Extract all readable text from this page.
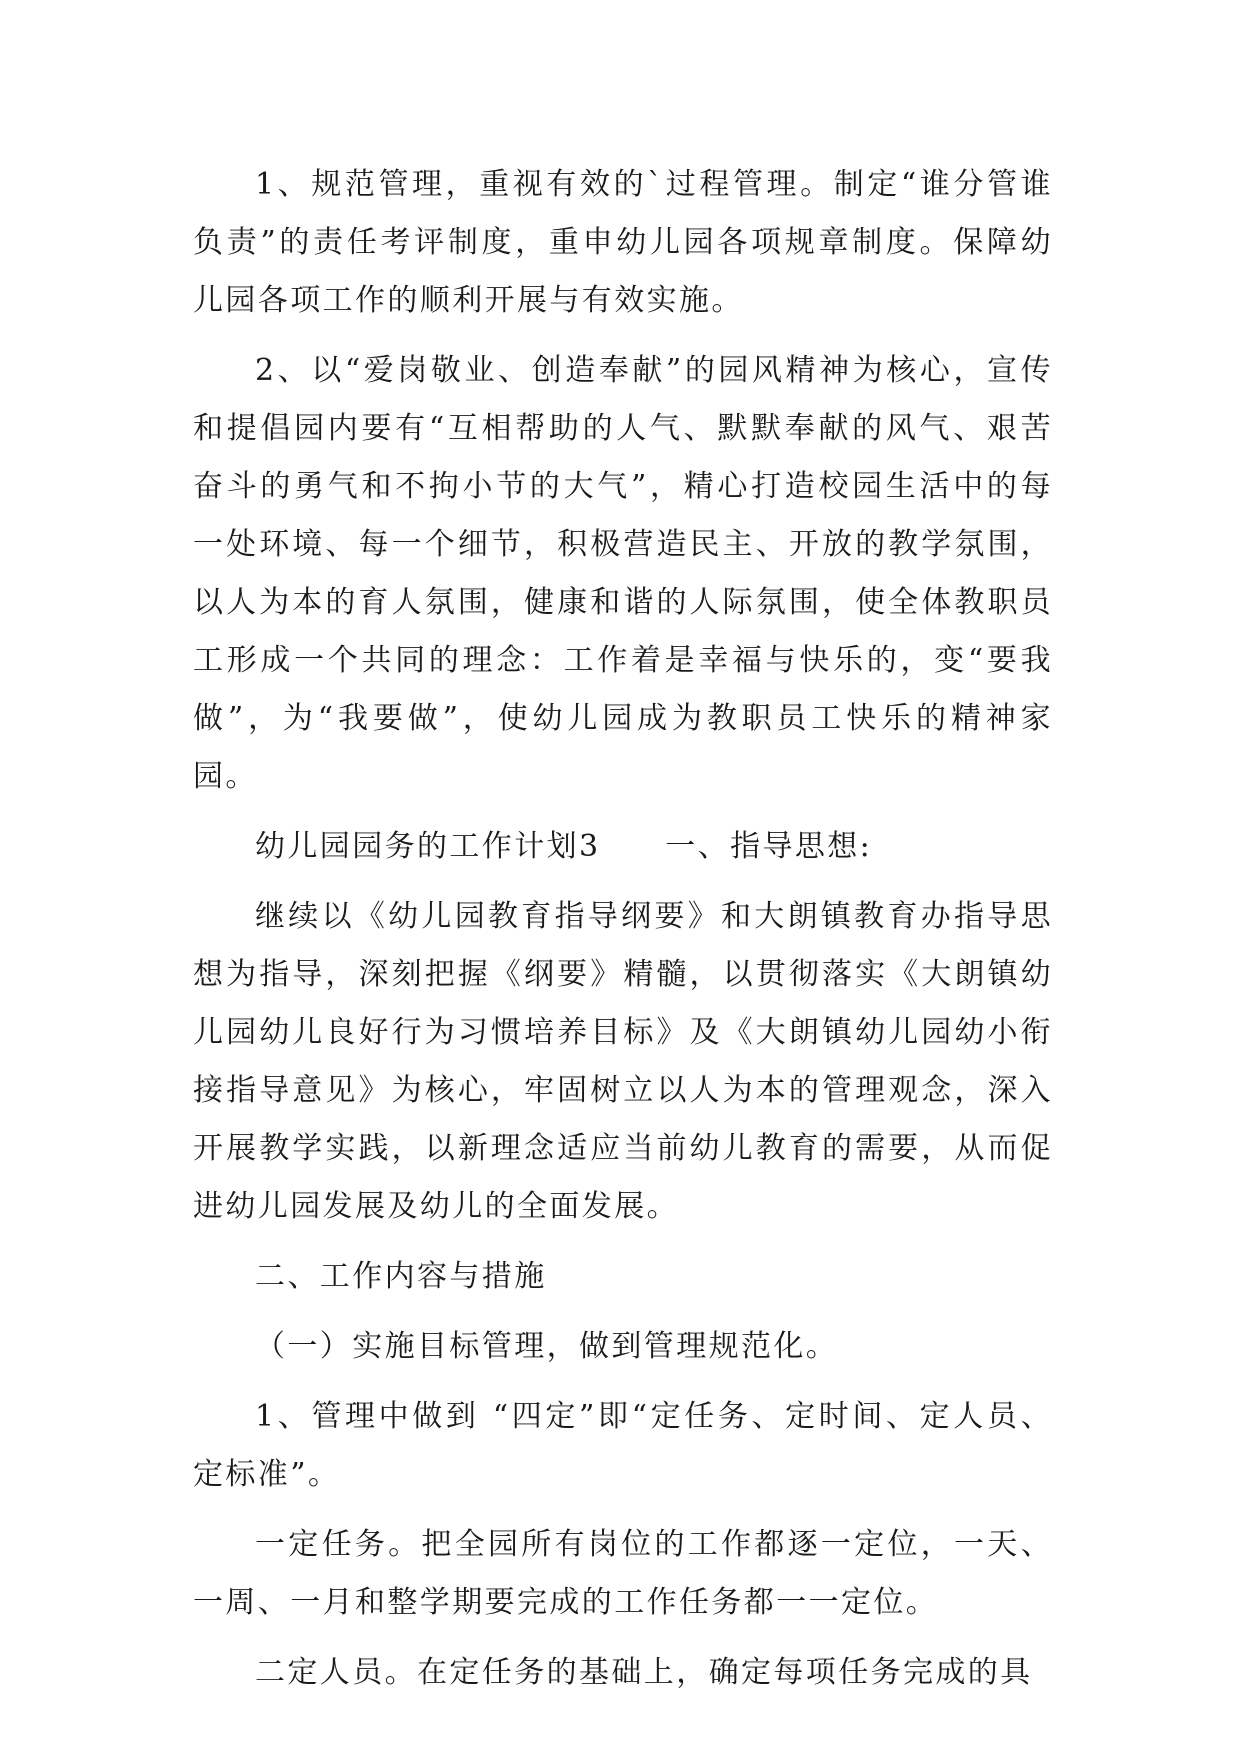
1、规范管理，重视有效的`过程管理。制定“谁分管谁负责”的责任考评制度，重申幼儿园各项规章制度。保障幼儿园各项工作的顺利开展与有效实施。

2、以“爱岗敬业、创造奉献”的园风精神为核心，宣传和提倡园内要有“互相帮助的人气、默默奉献的风气、艰苦奋斗的勇气和不拘小节的大气”，精心打造校园生活中的每一处环境、每一个细节，积极营造民主、开放的教学氛围，以人为本的育人氛围，健康和谐的人际氛围，使全体教职员工形成一个共同的理念：工作着是幸福与快乐的，变“要我做”，为“我要做”，使幼儿园成为教职员工快乐的精神家园。

幼儿园园务的工作计划3　　一、指导思想:

继续以《幼儿园教育指导纲要》和大朗镇教育办指导思想为指导，深刻把握《纲要》精髓，以贯彻落实《大朗镇幼儿园幼儿良好行为习惯培养目标》及《大朗镇幼儿园幼小衔接指导意见》为核心，牢固树立以人为本的管理观念，深入开展教学实践，以新理念适应当前幼儿教育的需要，从而促进幼儿园发展及幼儿的全面发展。

二、工作内容与措施

（一）实施目标管理，做到管理规范化。

1、管理中做到 “四定”即“定任务、定时间、定人员、定标准”。

一定任务。把全园所有岗位的工作都逐一定位，一天、一周、一月和整学期要完成的工作任务都一一定位。

二定人员。在定任务的基础上，确定每项任务完成的具
